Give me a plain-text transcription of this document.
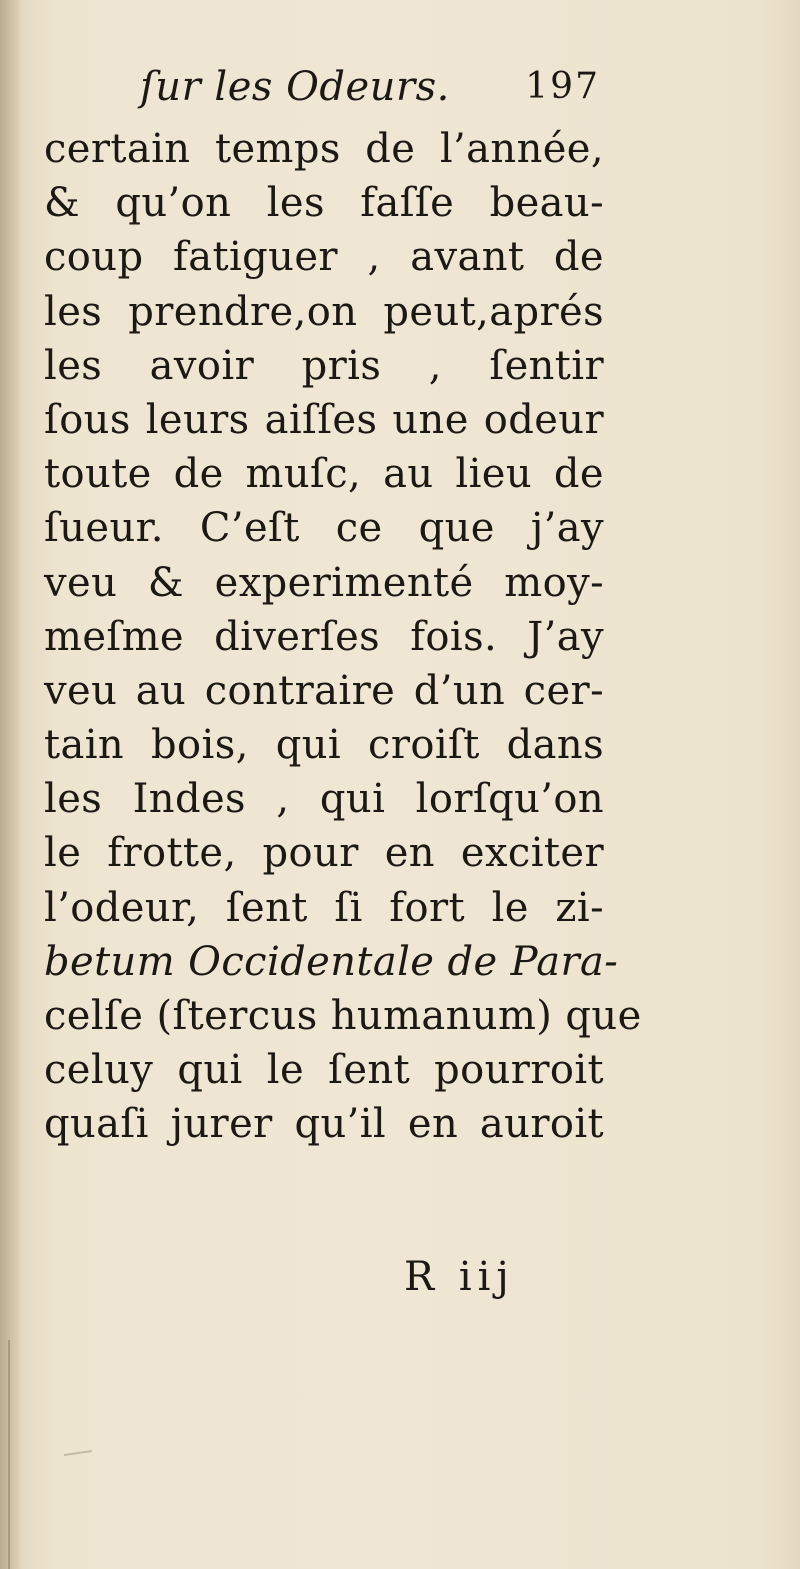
ſur les Odeurs. 197
certain temps de l’année,
& qu’on les faſſe beau-
coup fatiguer , avant de
les prendre,on peut,aprés
les avoir pris , ſentir
ſous leurs aiſſes une odeur
toute de muſc, au lieu de
ſueur. C’eſt ce que j’ay
veu & experimenté moy-
meſme diverſes fois. J’ay
veu au contraire d’un cer-
tain bois, qui croiſt dans
les Indes , qui lorſqu’on
le frotte, pour en exciter
l’odeur, ſent ſi fort le zi-
betum Occidentale de Para-
celſe (ſtercus humanum) que
celuy qui le ſent pourroit
quaſi jurer qu’il en auroit
R iij
